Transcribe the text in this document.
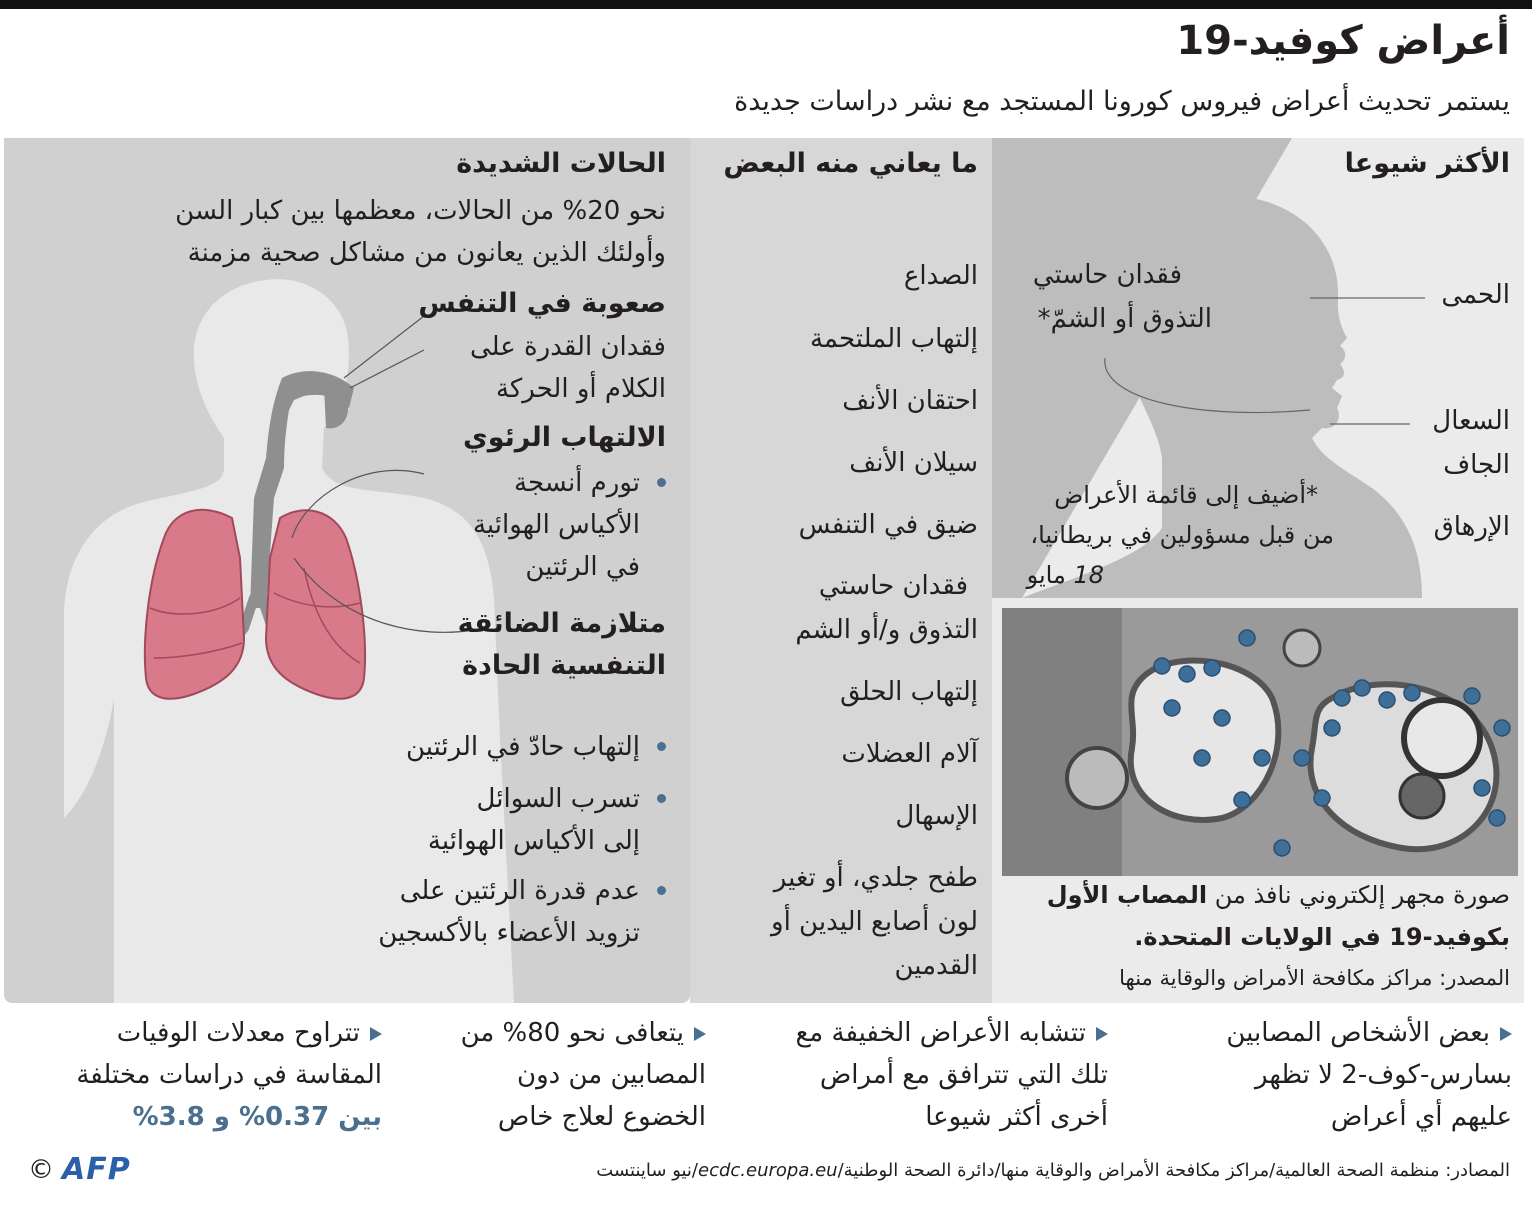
أعراض كوفيد-19
يستمر تحديث أعراض فيروس كورونا المستجد مع نشر دراسات جديدة
الأكثر شيوعا
الحمى
السعال
الجاف
الإرهاق
فقدان حاستي
التذوق أو الشمّ*
*أضيف إلى قائمة الأعراض
من قبل مسؤولين في بريطانيا،
18 مايو
صورة مجهر إلكتروني نافذ من المصاب الأول
بكوفيد-19 في الولايات المتحدة.
المصدر: مراكز مكافحة الأمراض والوقاية منها
ما يعاني منه البعض
الصداع
إلتهاب الملتحمة
احتقان الأنف
سيلان الأنف
ضيق في التنفس
فقدان حاستي
التذوق و/أو الشم
إلتهاب الحلق
آلام العضلات
الإسهال
طفح جلدي، أو تغير
لون أصابع اليدين أو
القدمين
الحالات الشديدة
نحو 20% من الحالات، معظمها بين كبار السن
وأولئك الذين يعانون من مشاكل صحية مزمنة
صعوبة في التنفس
فقدان القدرة على
الكلام أو الحركة
الالتهاب الرئوي
تورم أنسجة
الأكياس الهوائية
في الرئتين
متلازمة الضائقة
التنفسية الحادة
إلتهاب حادّ في الرئتين
تسرب السوائل
إلى الأكياس الهوائية
عدم قدرة الرئتين على
تزويد الأعضاء بالأكسجين
بعض الأشخاص المصابين
بسارس-كوف-2 لا تظهر
عليهم أي أعراض
تتشابه الأعراض الخفيفة مع
تلك التي تترافق مع أمراض
أخرى أكثر شيوعا
يتعافى نحو 80% من
المصابين من دون
الخضوع لعلاج خاص
تتراوح معدلات الوفيات
المقاسة في دراسات مختلفة
بين 0.37% و 3.8%
المصادر: منظمة الصحة العالمية/مراكز مكافحة الأمراض والوقاية منها/دائرة الصحة الوطنية/ecdc.europa.eu/نيو ساينتست
© AFP
